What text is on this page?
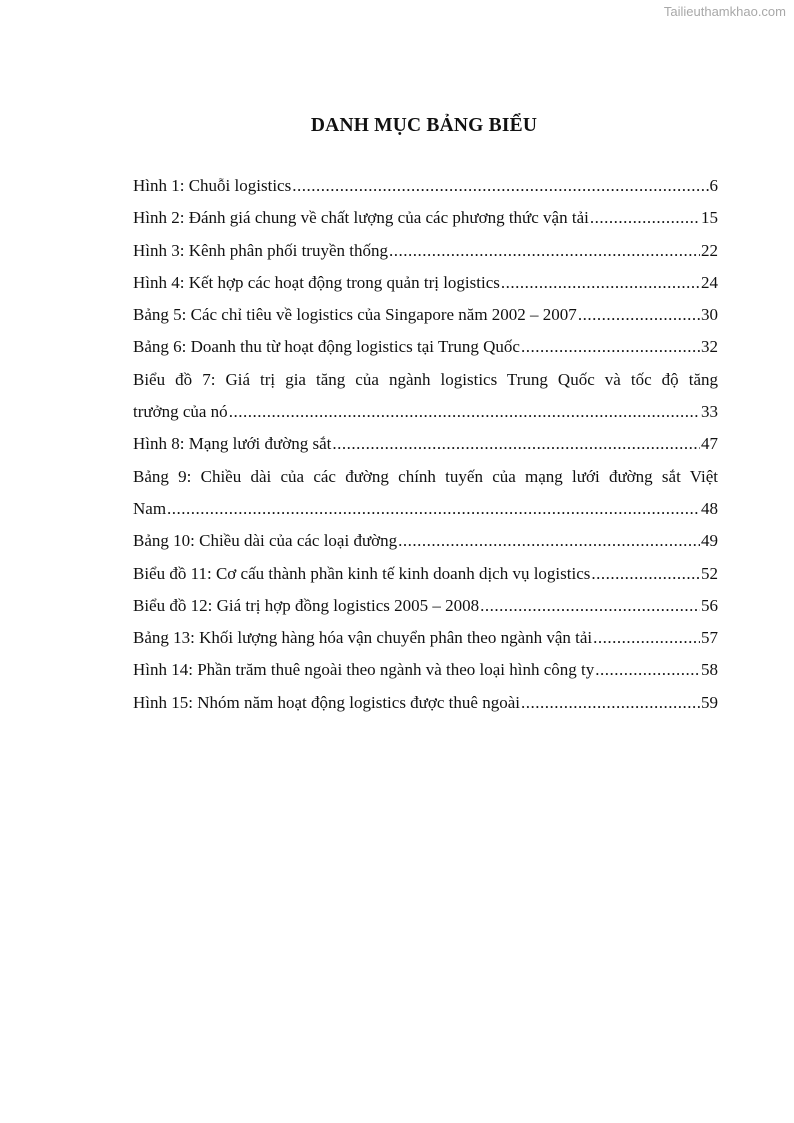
Tailieuthamkhao.com
DANH MỤC BẢNG BIỂU
Hình 1: Chuỗi logistics .....	6
Hình 2: Đánh giá chung về chất lượng của các phương thức vận tải .....	15
Hình 3: Kênh phân phối truyền thống .....	22
Hình 4: Kết hợp các hoạt động trong quản trị logistics .....	24
Bảng 5: Các chỉ tiêu về logistics của Singapore năm 2002 – 2007 .....	30
Bảng 6: Doanh thu từ hoạt động logistics tại Trung Quốc .....	32
Biểu đồ 7: Giá trị gia tăng của ngành logistics Trung Quốc và tốc độ tăng
trưởng của nó .....	33
Hình 8: Mạng lưới đường sắt .....	47
Bảng 9: Chiều dài của các đường chính tuyến của mạng lưới đường sắt Việt
Nam .....	48
Bảng 10: Chiều dài của các loại đường .....	49
Biểu đồ 11: Cơ cấu thành phần kinh tế kinh doanh dịch vụ logistics .....	52
Biểu đồ 12: Giá trị hợp đồng logistics 2005 – 2008 .....	56
Bảng 13: Khối lượng hàng hóa vận chuyển phân theo ngành vận tải .....	57
Hình 14: Phần trăm thuê ngoài theo ngành và theo loại hình công ty .....	58
Hình 15: Nhóm năm hoạt động logistics được thuê ngoài .....	59
